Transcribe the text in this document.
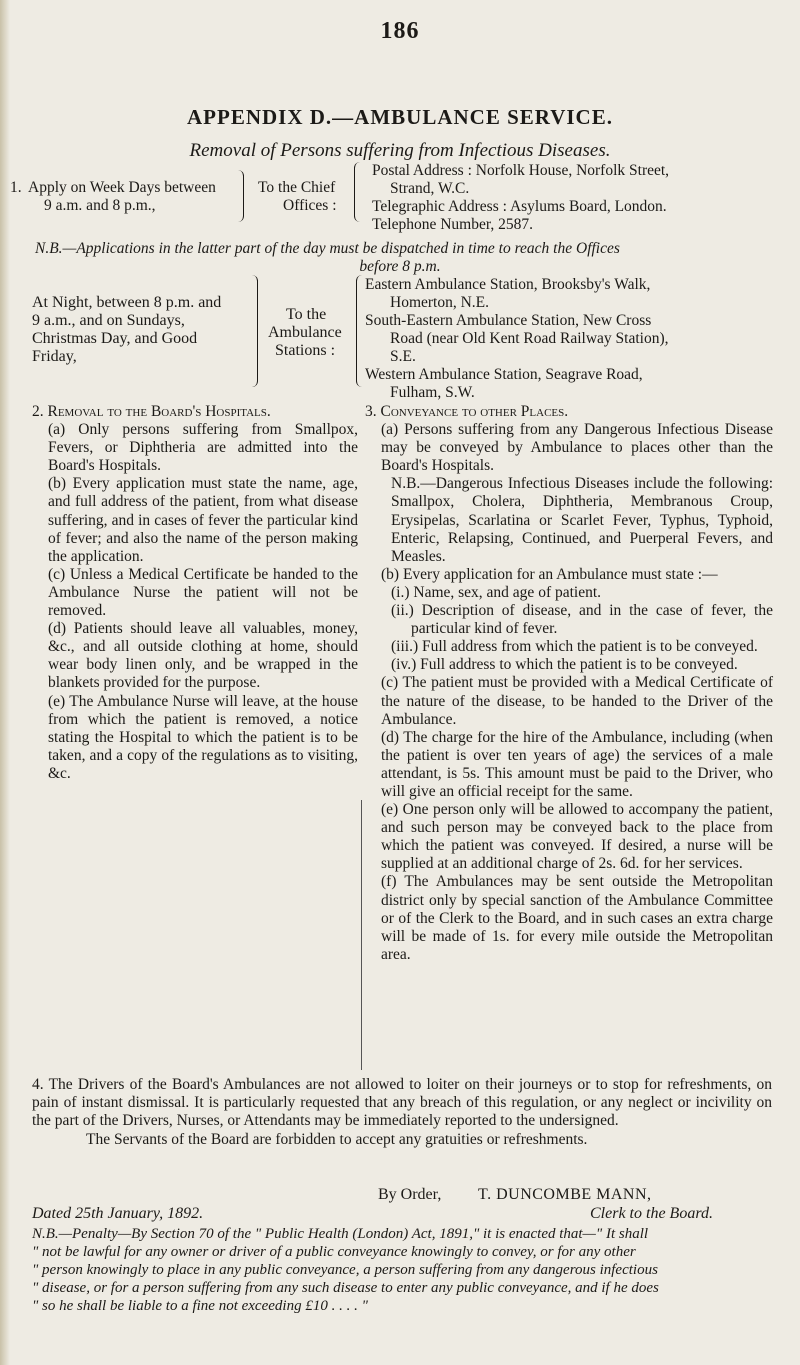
186
APPENDIX D.—AMBULANCE SERVICE.
Removal of Persons suffering from Infectious Diseases.
1. Apply on Week Days between
9 a.m. and 8 p.m.,
To the Chief
Offices :
Postal Address : Norfolk House, Norfolk Street,
Strand, W.C.
Telegraphic Address : Asylums Board, London.
Telephone Number, 2587.
N.B.—Applications in the latter part of the day must be dispatched in time to reach the Offices
before 8 p.m.
At Night, between 8 p.m. and
9 a.m., and on Sundays,
Christmas Day, and Good
Friday,
To the
Ambulance
Stations :
Eastern Ambulance Station, Brooksby's Walk,
Homerton, N.E.
South-Eastern Ambulance Station, New Cross
Road (near Old Kent Road Railway Station),
S.E.
Western Ambulance Station, Seagrave Road,
Fulham, S.W.

2. Removal to the Board's Hospitals.

(a) Only persons suffering from Smallpox, Fevers, or Diphtheria are admitted into the Board's Hospitals.

(b) Every application must state the name, age, and full address of the patient, from what disease suffering, and in cases of fever the particular kind of fever; and also the name of the person making the application.

(c) Unless a Medical Certificate be handed to the Ambulance Nurse the patient will not be removed.

(d) Patients should leave all valuables, money, &c., and all outside clothing at home, should wear body linen only, and be wrapped in the blankets provided for the purpose.

(e) The Ambulance Nurse will leave, at the house from which the patient is removed, a notice stating the Hospital to which the patient is to be taken, and a copy of the regulations as to visiting, &c.

3. Conveyance to other Places.

(a) Persons suffering from any Dangerous Infectious Disease may be conveyed by Ambulance to places other than the Board's Hospitals.

N.B.—Dangerous Infectious Diseases include the following: Smallpox, Cholera, Diphtheria, Membranous Croup, Erysipelas, Scarlatina or Scarlet Fever, Typhus, Typhoid, Enteric, Relapsing, Continued, and Puerperal Fevers, and Measles.

(b) Every application for an Ambulance must state :—

(i.) Name, sex, and age of patient.

(ii.) Description of disease, and in the case of fever, the particular kind of fever.

(iii.) Full address from which the patient is to be conveyed.

(iv.) Full address to which the patient is to be conveyed.

(c) The patient must be provided with a Medical Certificate of the nature of the disease, to be handed to the Driver of the Ambulance.

(d) The charge for the hire of the Ambulance, including (when the patient is over ten years of age) the services of a male attendant, is 5s. This amount must be paid to the Driver, who will give an official receipt for the same.

(e) One person only will be allowed to accompany the patient, and such person may be conveyed back to the place from which the patient was conveyed. If desired, a nurse will be supplied at an additional charge of 2s. 6d. for her services.

(f) The Ambulances may be sent outside the Metropolitan district only by special sanction of the Ambulance Committee or of the Clerk to the Board, and in such cases an extra charge will be made of 1s. for every mile outside the Metropolitan area.

4. The Drivers of the Board's Ambulances are not allowed to loiter on their journeys or to stop for refreshments, on pain of instant dismissal. It is particularly requested that any breach of this regulation, or any neglect or incivility on the part of the Drivers, Nurses, or Attendants may be immediately reported to the undersigned.

The Servants of the Board are forbidden to accept any gratuities or refreshments.

By Order, T. DUNCOMBE MANN,
Dated 25th January, 1892.	Clerk to the Board.
N.B.—Penalty—By Section 70 of the " Public Health (London) Act, 1891," it is enacted that—" It shall
" not be lawful for any owner or driver of a public conveyance knowingly to convey, or for any other
" person knowingly to place in any public conveyance, a person suffering from any dangerous infectious
" disease, or for a person suffering from any such disease to enter any public conveyance, and if he does
" so he shall be liable to a fine not exceeding £10 . . . . "
